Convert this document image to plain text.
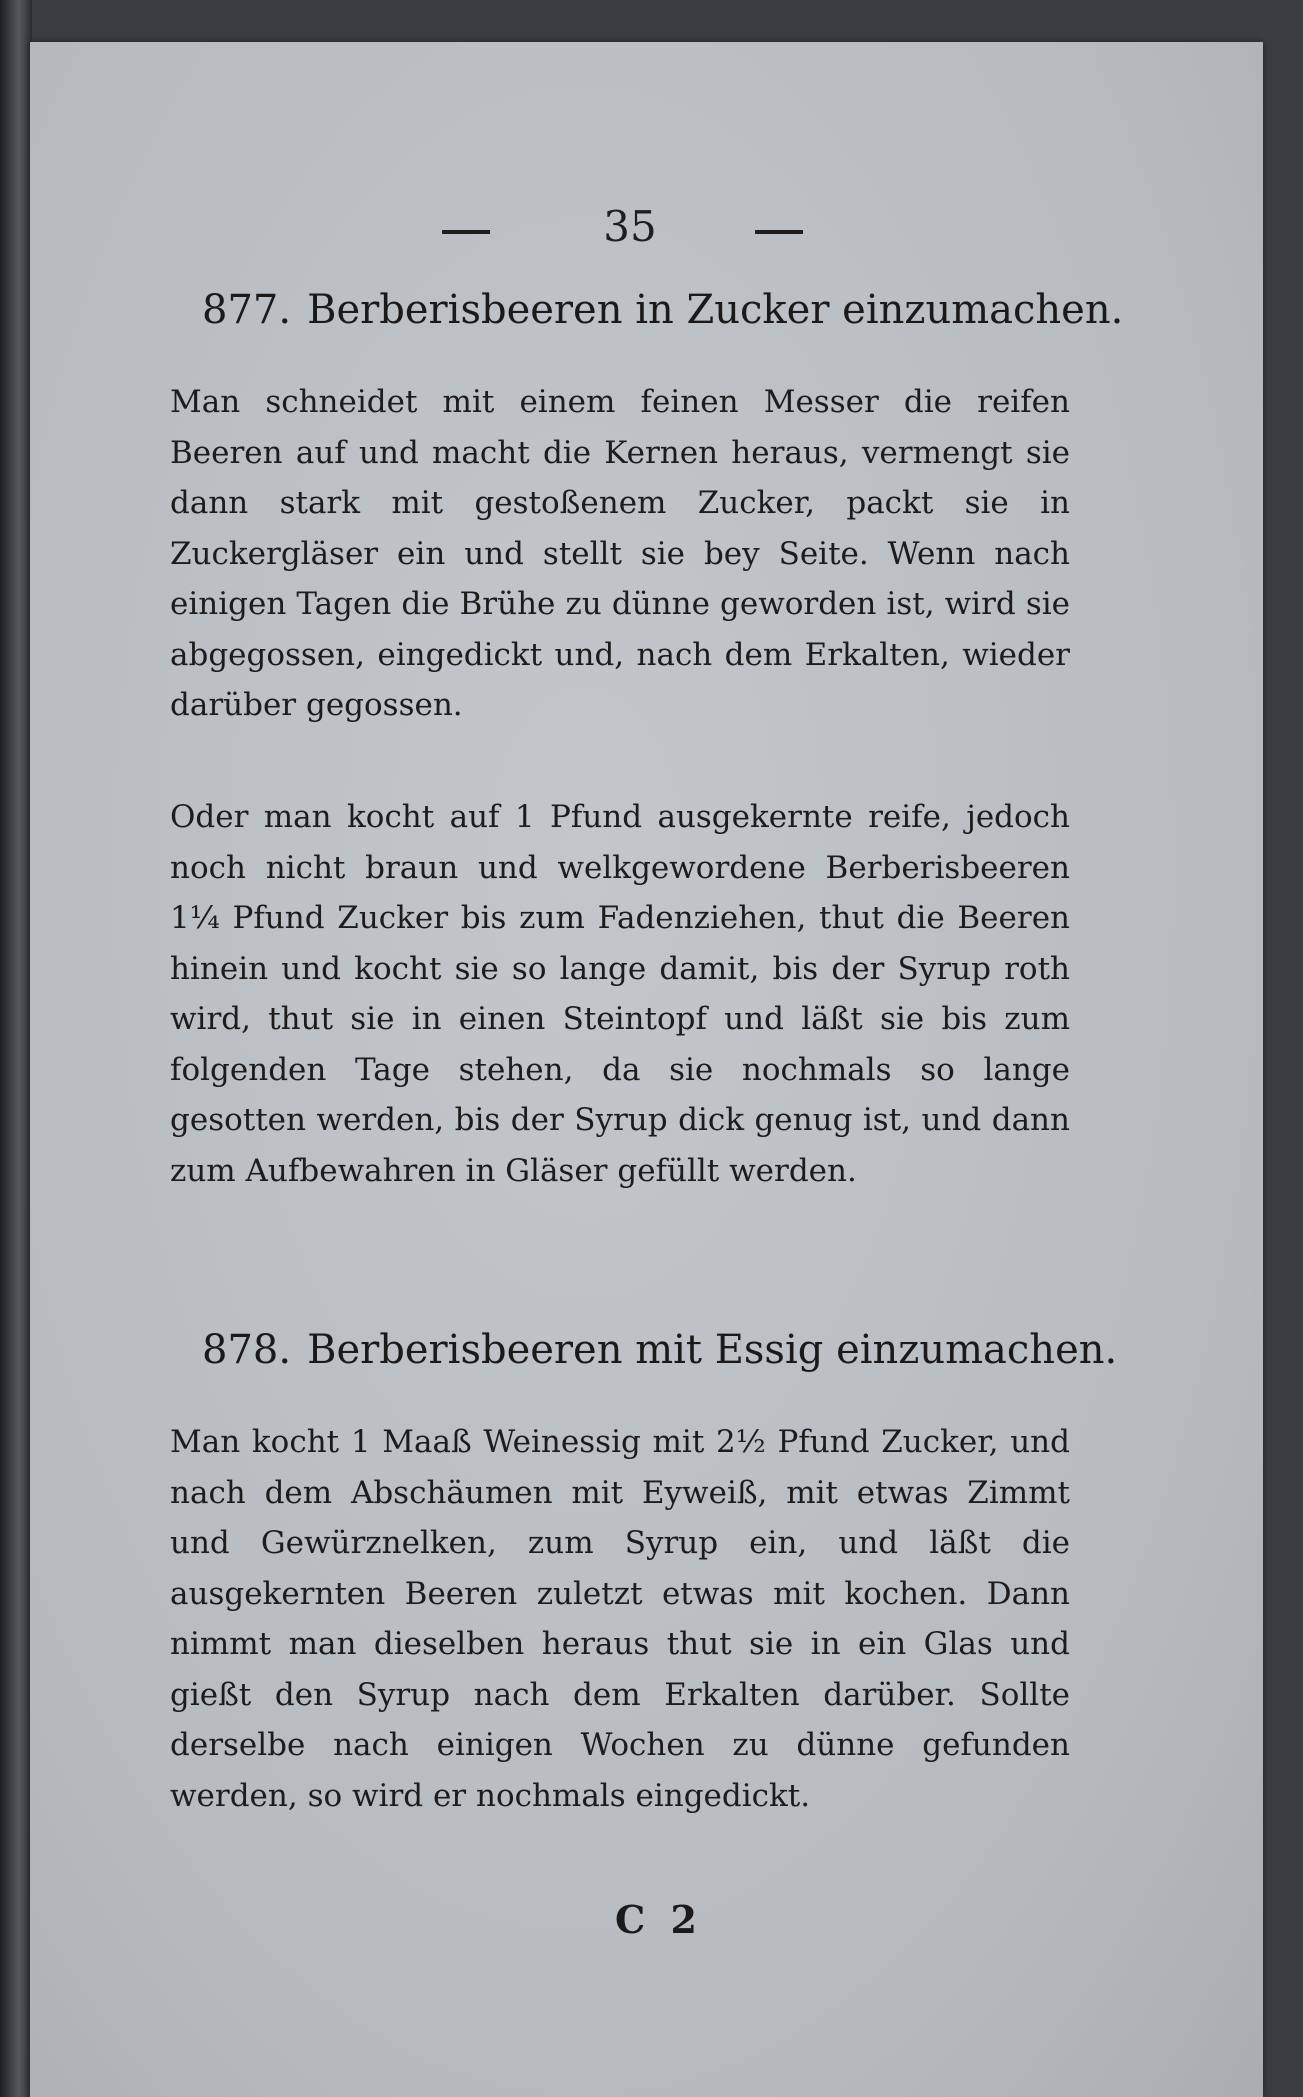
35
877. Berberisbeeren in Zucker einzumachen.

Man schneidet mit einem feinen Messer die reifen Beeren auf und macht die Kernen heraus, vermengt sie dann stark mit gestoßenem Zucker, packt sie in Zuckergläser ein und stellt sie bey Seite. Wenn nach einigen Tagen die Brühe zu dünne geworden ist, wird sie abgegossen, eingedickt und, nach dem Erkalten, wieder darüber gegossen.

Oder man kocht auf 1 Pfund ausgekernte reife, jedoch noch nicht braun und welkgewordene Berberisbeeren 1¼ Pfund Zucker bis zum Fadenziehen, thut die Beeren hinein und kocht sie so lange damit, bis der Syrup roth wird, thut sie in einen Steintopf und läßt sie bis zum folgenden Tage stehen, da sie nochmals so lange gesotten werden, bis der Syrup dick genug ist, und dann zum Aufbewahren in Gläser gefüllt werden.

878. Berberisbeeren mit Essig einzumachen.

Man kocht 1 Maaß Weinessig mit 2½ Pfund Zucker, und nach dem Abschäumen mit Eyweiß, mit etwas Zimmt und Gewürznelken, zum Syrup ein, und läßt die ausgekernten Beeren zuletzt etwas mit kochen. Dann nimmt man dieselben heraus thut sie in ein Glas und gießt den Syrup nach dem Erkalten darüber. Sollte derselbe nach einigen Wochen zu dünne gefunden werden, so wird er nochmals eingedickt.

C 2
